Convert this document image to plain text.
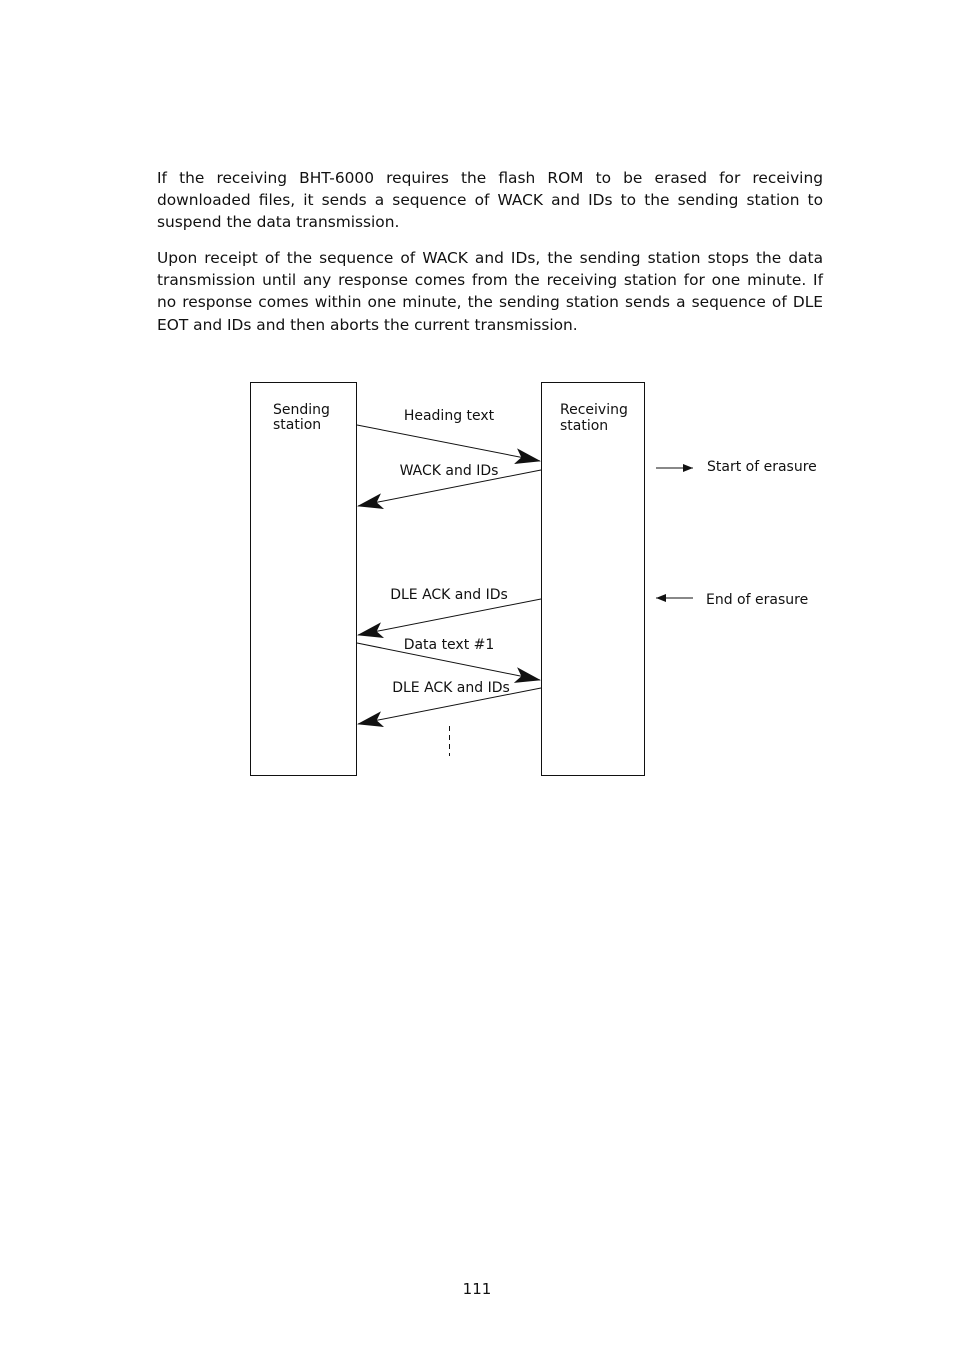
If the receiving BHT-6000 requires the flash ROM to be erased for receiving downloaded files, it sends a sequence of WACK and IDs to the sending station to suspend the data transmission.

Upon receipt of the sequence of WACK and IDs, the sending station stops the data transmission until any response comes from the receiving station for one minute. If no response comes within one minute, the sending station sends a sequence of DLE EOT and IDs and then aborts the current transmission.

Sending station
Receiving station
Heading text
WACK and IDs
DLE ACK and IDs
Data text #1
DLE ACK and IDs
Start of erasure
End of erasure
111
